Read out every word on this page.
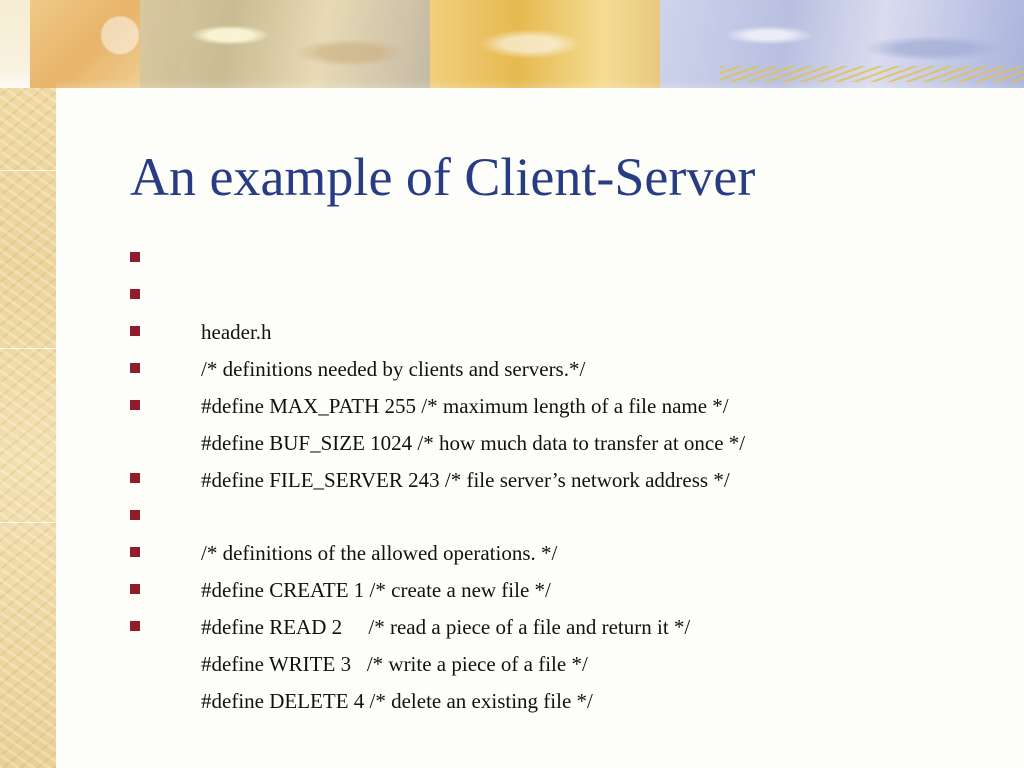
An example of Client-Server

header.h

/* definitions needed by clients and servers.*/

#define MAX_PATH 255 /* maximum length of a file name */

#define BUF_SIZE 1024 /* how much data to transfer at once */

#define FILE_SERVER 243 /* file server’s network address */

/* definitions of the allowed operations. */

#define CREATE 1 /* create a new file */

#define READ 2     /* read a piece of a file and return it */

#define WRITE 3   /* write a piece of a file */

#define DELETE 4 /* delete an existing file */
